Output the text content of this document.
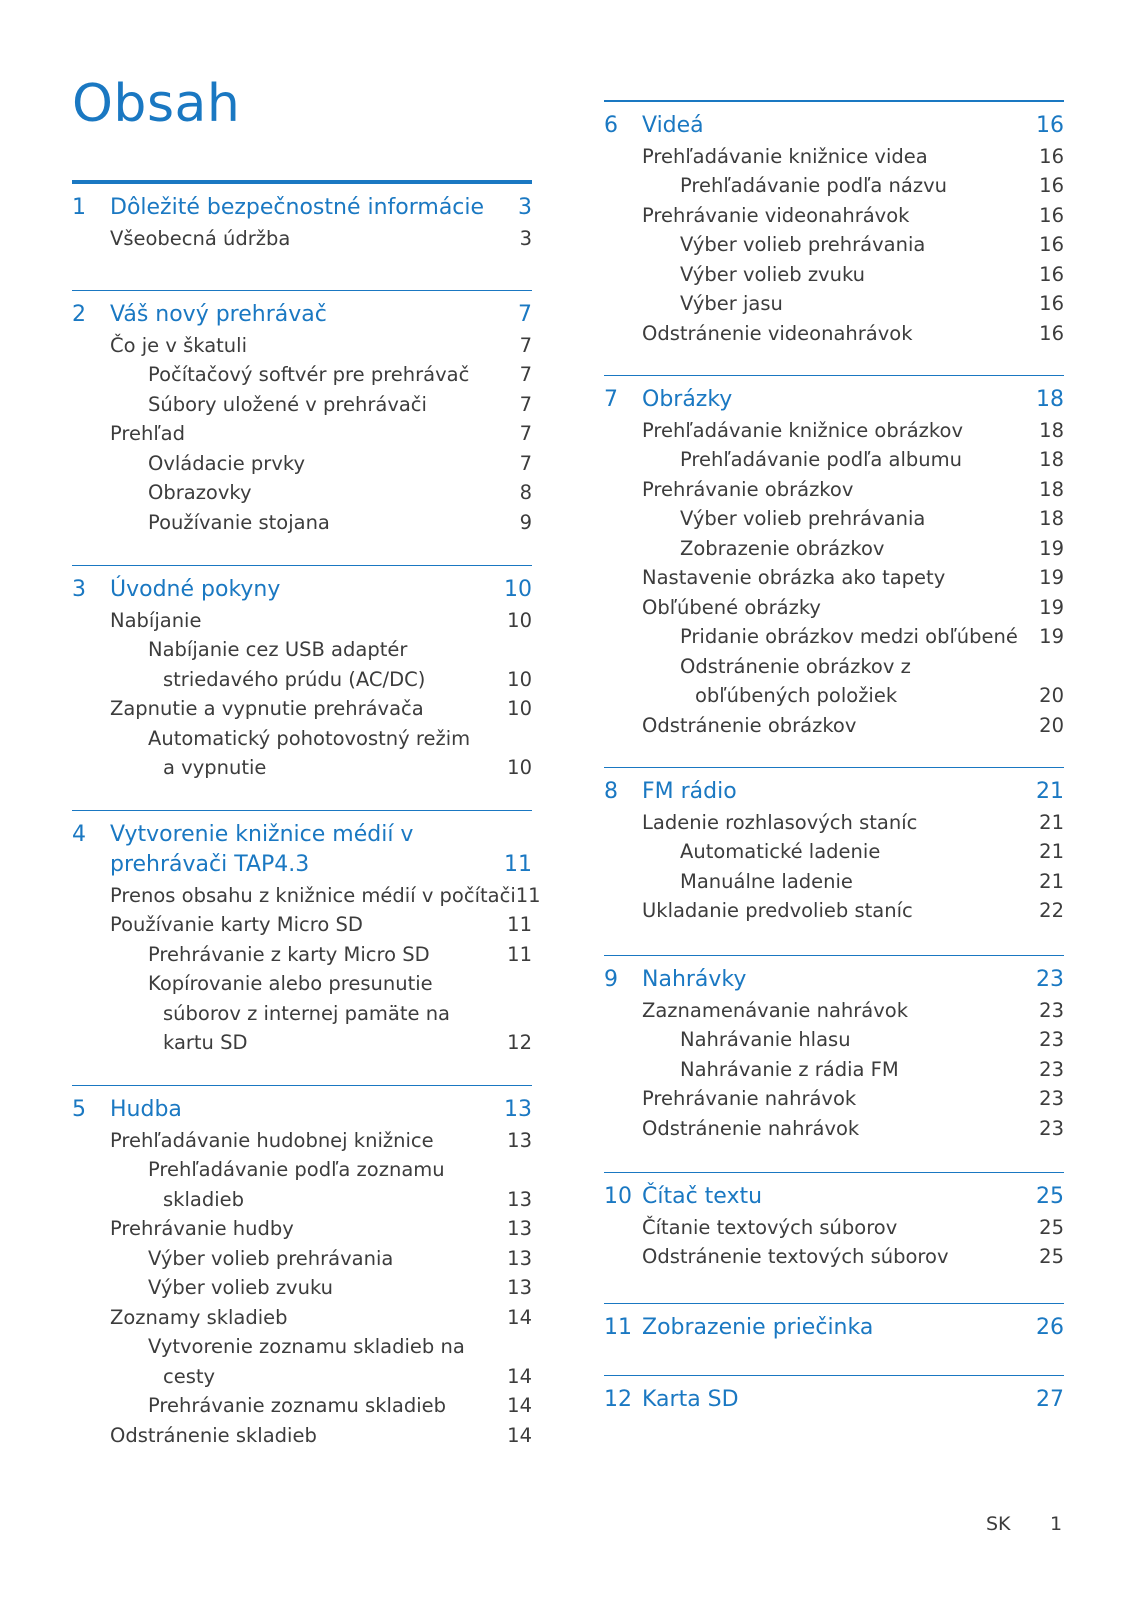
Obsah
1	Dôležité bezpečnostné informácie	3
Všeobecná údržba	3
2	Váš nový prehrávač	7
Čo je v škatuli	7
Počítačový softvér pre prehrávač	7
Súbory uložené v prehrávači	7
Prehľad	7
Ovládacie prvky	7
Obrazovky	8
Používanie stojana	9
3	Úvodné pokyny	10
Nabíjanie	10
Nabíjanie cez USB adaptér
striedavého prúdu (AC/DC)	10
Zapnutie a vypnutie prehrávača	10
Automatický pohotovostný režim
a vypnutie	10
4	Vytvorenie knižnice médií v
prehrávači TAP4.3	11
Prenos obsahu z knižnice médií v počítači 11
Používanie karty Micro SD	11
Prehrávanie z karty Micro SD	11
Kopírovanie alebo presunutie
súborov z internej pamäte na
kartu SD	12
5	Hudba	13
Prehľadávanie hudobnej knižnice	13
Prehľadávanie podľa zoznamu
skladieb	13
Prehrávanie hudby	13
Výber volieb prehrávania	13
Výber volieb zvuku	13
Zoznamy skladieb	14
Vytvorenie zoznamu skladieb na
cesty	14
Prehrávanie zoznamu skladieb	14
Odstránenie skladieb	14
6	Videá	16
Prehľadávanie knižnice videa	16
Prehľadávanie podľa názvu	16
Prehrávanie videonahrávok	16
Výber volieb prehrávania	16
Výber volieb zvuku	16
Výber jasu	16
Odstránenie videonahrávok	16
7	Obrázky	18
Prehľadávanie knižnice obrázkov	18
Prehľadávanie podľa albumu	18
Prehrávanie obrázkov	18
Výber volieb prehrávania	18
Zobrazenie obrázkov	19
Nastavenie obrázka ako tapety	19
Obľúbené obrázky	19
Pridanie obrázkov medzi obľúbené	19
Odstránenie obrázkov z
obľúbených položiek	20
Odstránenie obrázkov	20
8	FM rádio	21
Ladenie rozhlasových staníc	21
Automatické ladenie	21
Manuálne ladenie	21
Ukladanie predvolieb staníc	22
9	Nahrávky	23
Zaznamenávanie nahrávok	23
Nahrávanie hlasu	23
Nahrávanie z rádia FM	23
Prehrávanie nahrávok	23
Odstránenie nahrávok	23
10 Čítač textu	25
Čítanie textových súborov	25
Odstránenie textových súborov	25
11 Zobrazenie priečinka	26
12 Karta SD	27
SK 1
